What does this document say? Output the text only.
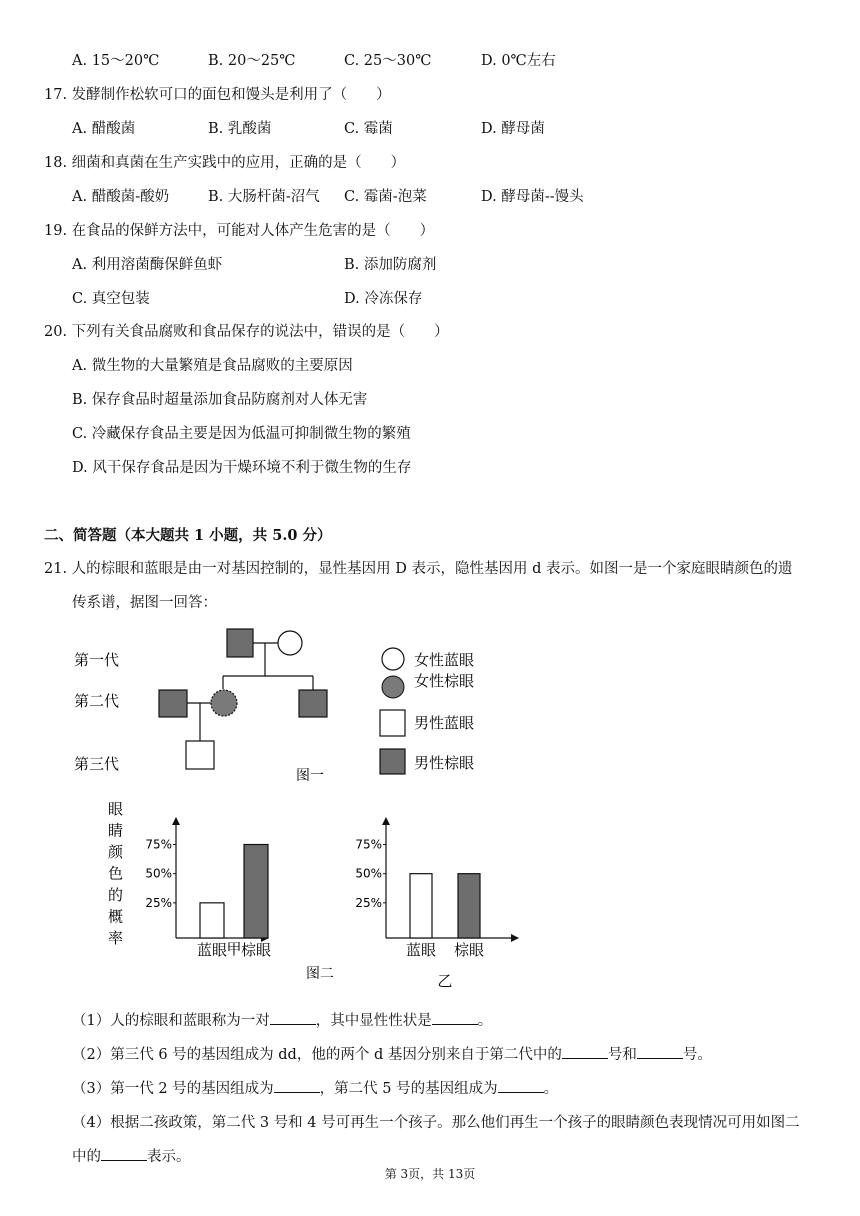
A. 15～20℃	B. 20～25℃	C. 25～30℃	D. 0℃左右
17. 发酵制作松软可口的面包和馒头是利用了（　　）
A. 醋酸菌	B. 乳酸菌	C. 霉菌	D. 酵母菌
18. 细菌和真菌在生产实践中的应用，正确的是（　　）
A. 醋酸菌-酸奶	B. 大肠杆菌-沼气 C. 霉菌-泡菜	D. 酵母菌--馒头
19. 在食品的保鲜方法中，可能对人体产生危害的是（　　）
A. 利用溶菌酶保鲜鱼虾	B. 添加防腐剂
C. 真空包装	D. 冷冻保存
20. 下列有关食品腐败和食品保存的说法中，错误的是（　　）
A. 微生物的大量繁殖是食品腐败的主要原因
B. 保存食品时超量添加食品防腐剂对人体无害
C. 冷藏保存食品主要是因为低温可抑制微生物的繁殖
D. 风干保存食品是因为干燥环境不利于微生物的生存
二、简答题（本大题共 1 小题，共 5.0 分）
21. 人的棕眼和蓝眼是由一对基因控制的，显性基因用 D 表示，隐性基因用 d 表示。如图一是一个家庭眼睛颜色的遗
传系谱，据图一回答：
第一代
第二代
第三代
图一
女性蓝眼
女性棕眼
男性蓝眼
男性棕眼
眼
睛
颜
色
的
概
率
75%
50%
25%
蓝眼 棕眼
甲
75%
50%
25%
蓝眼 棕眼
乙
图二
（1）人的棕眼和蓝眼称为一对	，其中显性性状是	。
（2）第三代 6 号的基因组成为 dd，他的两个 d 基因分别来自于第二代中的	号和	号。
（3）第一代 2 号的基因组成为	，第二代 5 号的基因组成为	。
（4）根据二孩政策，第二代 3 号和 4 号可再生一个孩子。那么他们再生一个孩子的眼睛颜色表现情况可用如图二
中的	表示。
第 3页，共 13页
